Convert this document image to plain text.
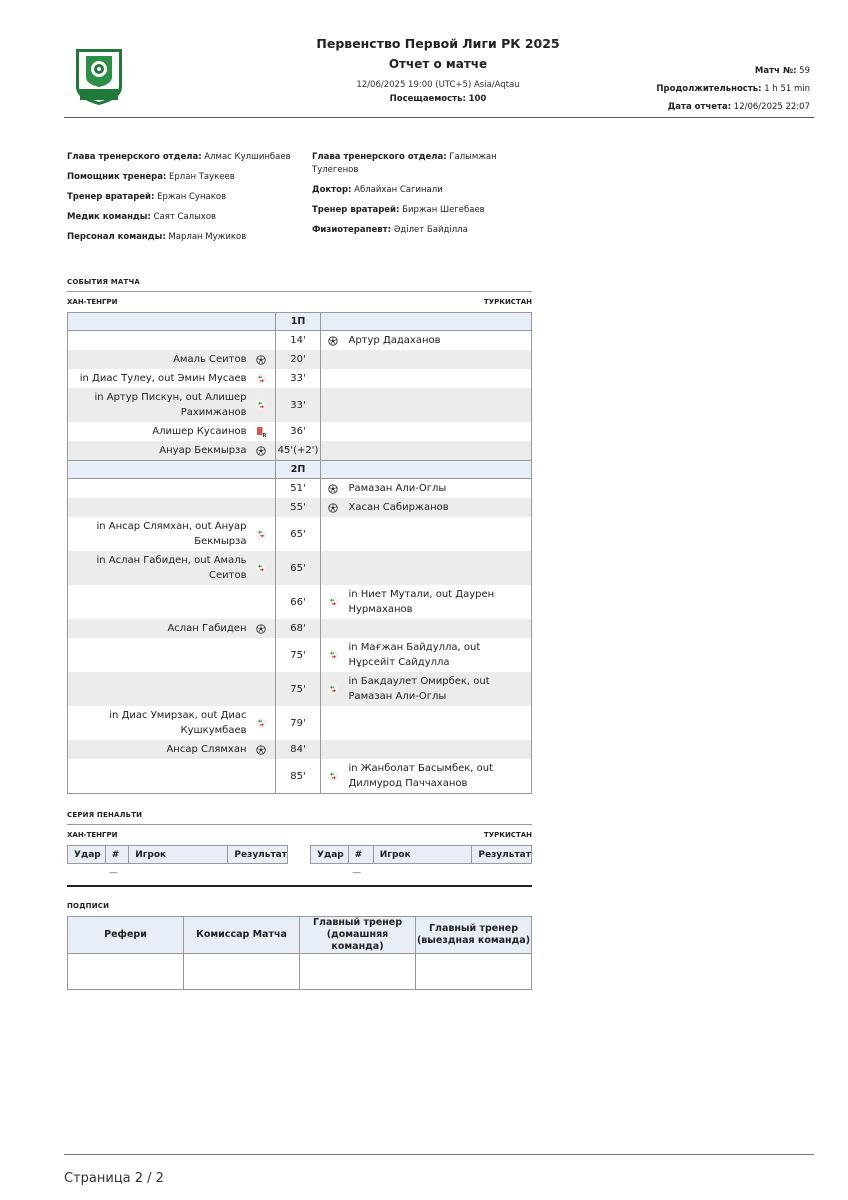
Первенство Первой Лиги РК 2025
Отчет о матче
12/06/2025 19:00 (UTC+5) Asia/Aqtau
Посещаемость: 100
Матч №: 59
Продолжительность: 1 h 51 min
Дата отчета: 12/06/2025 22:07
Глава тренерского отдела: Алмас Кулшинбаев
Помощник тренера: Ерлан Таукеев
Тренер вратарей: Ержан Сунаков
Медик команды: Саят Салыхов
Персонал команды: Марлан Мужиков
Глава тренерского отдела: Галымжан Тулегенов
Доктор: Аблайхан Сагинали
Тренер вратарей: Биржан Шегебаев
Физиотерапевт: Әділет Байділла
СОБЫТИЯ МАТЧА
ХАН-ТЕНГРИ	ТУРКИСТАН
	1П	
	14'	Артур Дадаханов

Амаль Сеитов	20'	

in Диас Тулеу, out Эмин Мусаев	33'	

in Артур Пискун, out Алишер Рахимжанов	33'	

Алишер Кусаинов R	36'	

Ануар Бекмырза	45'(+2')	
	2П	
	51'	Рамазан Али-Оглы

	55'	Хасан Сабиржанов

in Ансар Слямхан, out Ануар Бекмырза	65'	

in Аслан Габиден, out Амаль Сеитов	65'	
	66'	in Ниет Мутали, out Даурен Нурмаханов

Аслан Габиден	68'	
	75'	in Мағжан Байдулла, out Нұрсейіт Сайдулла

	75'	in Бакдаулет Омирбек, out Рамазан Али-Оглы

in Диас Умирзак, out Диас Кушкумбаев	79'	

Ансар Слямхан	84'	
	85'	in Жанболат Басымбек, out Дилмурод Паччаханов
СЕРИЯ ПЕНАЛЬТИ
ХАН-ТЕНГРИ	ТУРКИСТАН
Удар	#	Игрок	Результат	Удар	#	Игрок	Результат
—	—
ПОДПИСИ
Рефери	Комиссар Матча	Главный тренер (домашняя команда)	Главный тренер (выездная команда)

Страница 2 / 2
